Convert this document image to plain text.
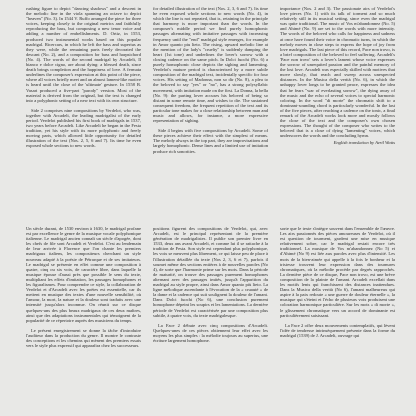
rushing figure to depict "dancing shadows" and a descent in the melodic line in the viola spanning an octave to depict "heaven" (No. 3). In 1544 V. Ruffo arranged the piece for three voices, keeping closely to the original metrics and faithfully reproducing the bass, but composing a new tenor voice and adding a number of embellishments. D. Ortiz, in 1553, produced two instrumental works based on this popular madrigal. Ricercars, in which he left the bass and superius as they were, while the remaining parts freely decorated the descant (No. 2), and a composition for bass and harpsichord (No. 4). The words of the second madrigal by Arcadelt, Il bianco e dolce cigno, are about dying: a blessed death, since death brings completion and the happiness of love. A fermata underlines the composer's expression at this point of the piece, where all voices briefly meet and an almost lament-like motive is heard until the close of the 'ultimate' gesture. In 1558 B. Vasari produced a five-part "parody" version. Most of the material is derived from the original, but the text is changed into a polyphonic setting of a new text with its own structure.

Side 2 comprises nine compositions by Verdelot, who was, together with Arcadelt, the leading madrigalist of the early period. Verdelot published his first book of madrigals in 1537, two years before Arcadelt. Like Arcadelt he began in the Festa tradition, yet his style with its more polyphonic and freely moving parts, which allowed little opportunity for detailed illustration of the text (Nos. 2, 5, 6 and 7). Its time he even exposed whole sections to new words.

for detailed illustration of the text (Nos. 2, 3, 6 and 7). Its time he even exposed whole sections to new words (No. 4), in which the line is not repeated, that is, retaining in the principle that harmony is more important than the words. In the composer's middle period we find purely homophonic passages alternating with imitative passages with increasing frequency until the "end" madrigal style emerges, for example in Amor quanto piu lieto. The rising, upward melodic line at the mention of the lady's "cruelty" is suddenly damping the heart (1st tone) and underlines the lover's sorrow with a closing cadence on the same pitch. In Dolci fuochi (No. 6) a purely homophonic close depicts the sighing and lamenting. Verdelot's mature period is characterised by a more subtle composition of the madrigal text, incidentally specific for four voices. His setting of Madonna, non so dir (No. 8), a plea to the beloved to say "yes" or "no", has a strong polysyllabic movement, with imitation made on the first. La Donna, la bella (No. 9): the parting lover accuses his beloved of being so distant in some remote time, and wishes to die. The sustained consequent freedom, the frequent repetition of the text and its particular tone makes for a close relationship between man and music and allows, for instance, a more expressive representation of sighing.

Side 4 begins with five compositions by Arcadelt. Some of these pieces achieve their effect with the simplest of means. The melody always in the top part, they are improvisations and largely homophonic. Dense lines and a limited use of imitation produce rich sonorities.

importance (Nos. 2 and 3). The passionate airs of Verdelot's love pieces (No. 1) with its talk of torment and so much relatively still in its musical setting, since even the madrigal was quite traditional. The music of Vos m'abandonnez (No. 5) and Ahimé (No. 9) are set to the words with more intensity. The words of the beloved who calls for happiness and sadness at once have found their voice in chromatic turns, in which the melody moves in close steps to express the hope of joy from love madrigals. The last piece of this record, Pace non trovo, is a brief composition of the beloved to feel suffering. Arcadelt's 'Pace non trovo' sets a lover's lament whose voice expresses the sorrow of unrequited passion and the painful memory of the lost love. Arcadelt was especially skilled with motives that move slowly, that reach and sweep across unexpected distances. In the Musica della verità (No. 6), in which the unhappy lover longs to be granted peace, expresses the idea that he fears "war of everlasting sorrow", the dying away of the music and the echo of several voices to special harmonic coloring. In the word "di morte" the chromatic shift to a dominant-sounding chord is particularly wonderful. In the last of the five pieces, after reaching a cadence on the tonic, a final remark of the Arcadelt works look more and mostly follows the close of the text and the composer's own chosen expressions. The thought of the composer who writes to the beloved that is a close of dying "lamenting" voices, which underscores the words and the concluding hymn.

English translation by Avril Watts

Un siècle durant, de 1530 environ à 1630, le madrigal profane est par excellence le genre de la musique vocale polyphonique italienne. Le madrigal ancien connaît un siècle d'apogée, dont les chefs de file sont Arcadelt et Verdelot. C'est au lendemain de leur arrivée à Florence que l'on chante les premiers madrigaux italiens, les compositeurs cherchant un style nouveau adapté à la poésie de Pétrarque et de ses imitateurs. Le madrigal se présente en effet comme une composition à quatre, cinq ou six voix, de caractère libre, dans laquelle la musique épouse d'aussi près que possible le sens du texte, multipliant les effets d'imitation, les passages homophones et les figuralismes. Pour comprendre ce style, la collaboration de Verdelot et d'Arcadelt avec les poètes est essentielle, car ils mettent en musique des textes d'une nouvelle sensibilité, où l'amour, la mort, la nature et la douleur sont traduits avec une intensité jusqu'alors inconnue. On réunit sur ce disque quelques-uns des plus beaux madrigaux de ces deux maîtres, ainsi que des adaptations instrumentales qui témoignent de la popularité de ce répertoire auprès des musiciens du temps.

Le présent enregistrement se donne la tâche d'introduire l'auditeur dans la production du genre. Il montre le contraste des conceptions et les chemins qui mènent des premiers essais vers le style plus expressif qui apparaîtra chez les successeurs.

positions figurent des compositions de Verdelot, qui, avec Arcadelt, est le principal représentant de la première génération de madrigalistes. Il publie son premier livre en 1533, deux ans avant Arcadelt, et comme lui il se rattache à la tradition de Festa. Son style est cependant plus polyphonique, les voix se meuvent plus librement, ce qui laisse peu de place à l'illustration détaillée du texte (Nos 2, 3, 6 et 7), parfois il soumet même des sections entières à de nouvelles paroles (No 4), de sorte que l'harmonie prime sur les mots. Dans la période de maturité, on trouve des passages purement homophones alternant avec des passages imités, jusqu'à l'apparition du madrigal au style propre, ainsi dans Amor quanto più lieto. La ligne mélodique ascendante à l'évocation de la « cruauté » de la dame et la cadence qui suit soulignent la douleur de l'amant. Dans Dolci fuochi (No 6), une conclusion purement homophone dépeint les soupirs et les lamentations. La dernière période de Verdelot est caractérisée par une composition plus subtile, à quatre voix, du texte madrigalesque.

La Face 2 débute avec cinq compositions d'Arcadelt. Quelques-unes de ces pièces obtiennent leur effet avec les moyens les plus simples : la mélodie toujours au superius, une écriture largement homophone.

sorte que le texte s'intègre souvent dans l'ensemble de l'œuvre. Les airs passionnés des pièces amoureuses de Verdelot, où il est question de tourment, gardent une mise en musique relativement sobre, car le madrigal restait encore très traditionnel. La musique de Vos m'abandonnez (No 5) et d'Ahimé (No 9) est liée aux paroles avec plus d'intensité. Les mots de la bien-aimée qui appelle à la fois le bonheur et la tristesse trouvent leur expression dans des tournures chromatiques, où la mélodie procède par degrés rapprochés. La dernière pièce de ce disque, Pace non trovo, est une brève composition de la plainte de l'amant. Arcadelt excellait dans les motifs lents qui franchissent des distances inattendues. Dans la Musica della verità (No 6), l'amant malheureux qui aspire à la paix redoute « une guerre de douleur éternelle », la musique qui s'éteint et l'écho de plusieurs voix produisent une coloration harmonique particulière. Sur les mots « di morte », le glissement chromatique vers un accord de dominante est particulièrement saisissant.

La Face 2 offre deux mouvements contemplatifs, qui lèvent l'idée de tendresse intrinsèquement présente dans la forme du madrigal (1539) de J. Arcadelt, ouvrage qui
